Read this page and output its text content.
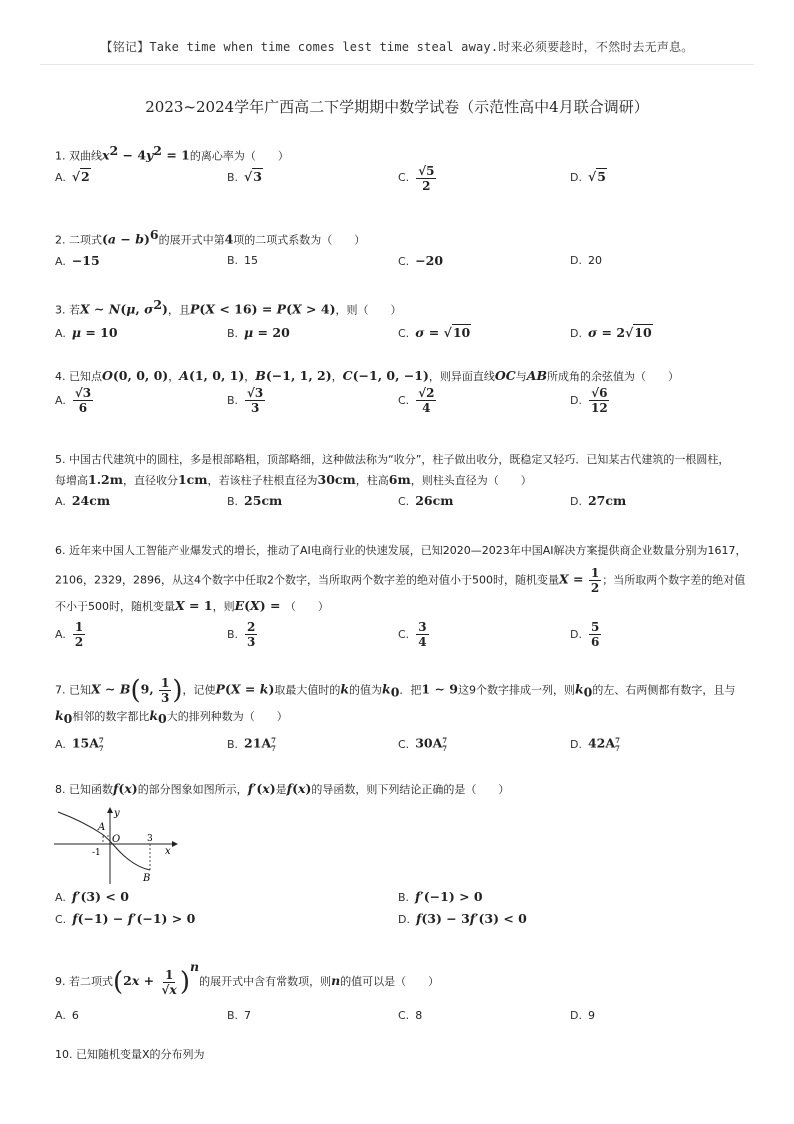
【铭记】Take time when time comes lest time steal away.时来必须要趁时，不然时去无声息。
2023~2024学年广西高二下学期期中数学试卷（示范性高中4月联合调研）
1. 双曲线$x^2 - 4y^2 = 1$的离心率为（　　）
A. √2	B. √3	C. $\frac{√5}{2}$	D. √5
2. 二项式$(a - b)^6$的展开式中第4项的二项式系数为（　　）
A. −15	B. 15	C. −20	D. 20
3. 若X ∼ N(μ, $\sigma^2$)，且P(X < 16) = P(X > 4)，则（　　）
A. μ = 10	B. μ = 20	C. σ = √10	D. σ = 2√10
4. 已知点O(0, 0, 0)，A(1, 0, 1)，B(−1, 1, 2)，C(−1, 0, −1)，则异面直线OC与AB所成角的余弦值为（　　）
A. $\frac{√3}{6}$	B. $\frac{√3}{3}$	C. $\frac{√2}{4}$	D. $\frac{√6}{12}$
5. 中国古代建筑中的圆柱，多是根部略粗，顶部略细，这种做法称为“收分”，柱子做出收分，既稳定又轻巧．已知某古代建筑的一根圆柱，
每增高1.2m，直径收分1cm，若该柱子柱根直径为30cm，柱高6m，则柱头直径为（　　）
A. 24cm	B. 25cm	C. 26cm	D. 27cm
6. 近年来中国人工智能产业爆发式的增长，推动了AI电商行业的快速发展，已知2020—2023年中国AI解决方案提供商企业数量分别为1617，
2106，2329，2896，从这4个数字中任取2个数字，当所取两个数字差的绝对值小于500时，随机变量$X = \frac{1}{2}$ ；当所取两个数字差的绝对值
不小于500时，随机变量X = 1，则E(X) = （　　）
A. $\frac{1}{2}$	B. $\frac{2}{3}$	C. $\frac{3}{4}$	D. $\frac{5}{6}$
7. 已知X ∼ B(9, $\frac{1}{3}$ )，记使P(X = k)取最大值时的k的值为$k_0$．把1 ∼ 9这9个数字排成一列，则$k_0$的左、右两侧都有数字，且与
$k_0$相邻的数字都比$k_0$大的排列种数为（　　）
A. $15A^7_7$	B. $21A^7_7$	C. $30A^7_7$	D. $42A^7_7$
8. 已知函数f(x)的部分图象如图所示，f′(x)是f(x)的导函数，则下列结论正确的是（　　）
A
O
-1
3
x
y
B
A. f′(3) < 0	B. f′(−1) > 0
C. f(−1) − f′(−1) > 0	D. f(3) − 3f′(3) < 0
9. 若二项式$(2x + \frac{1}{√x} )^n$的展开式中含有常数项，则n的值可以是（　　）
A. 6	B. 7	C. 8	D. 9
10. 已知随机变量X的分布列为
